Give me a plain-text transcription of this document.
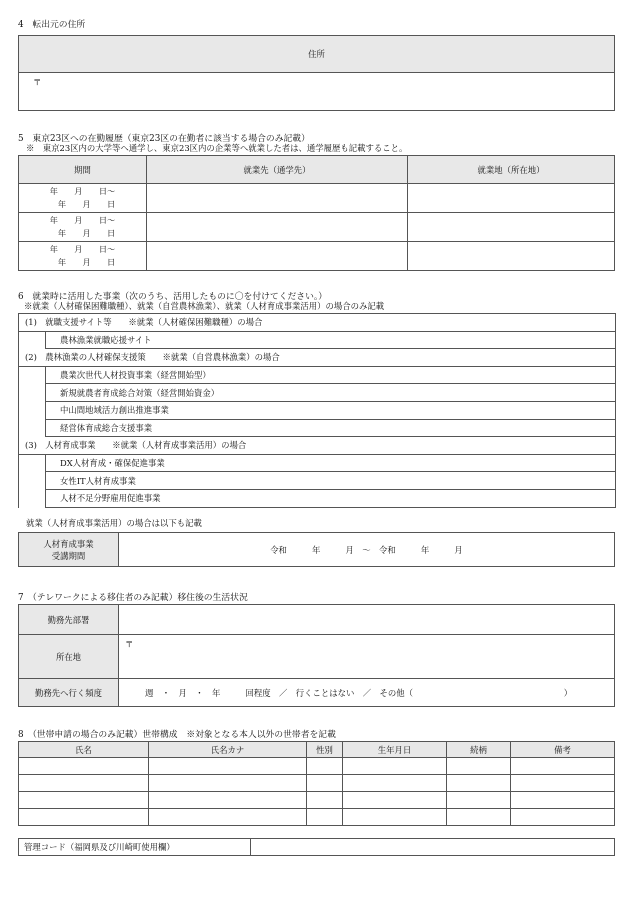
4　転出元の住所
住所
〒
5　東京23区への在勤履歴（東京23区の在勤者に該当する場合のみ記載）
※　東京23区内の大学等へ通学し、東京23区内の企業等へ就業した者は、通学履歴も記載すること。
期間	就業先（通学先）	就業地（所在地）
年　　月　　日～
　年　　月　　日		
年　　月　　日～
　年　　月　　日		
年　　月　　日～
　年　　月　　日		
6　就業時に活用した事業（次のうち、活用したものに〇を付けてください。）
※就業（人材確保困難職種）、就業（自営農林漁業）、就業（人材育成事業活用）の場合のみ記載
(1)　就職支援サイト等　　※就業（人材確保困難職種）の場合
農林漁業就職応援サイト
(2)　農林漁業の人材確保支援策　　※就業（自営農林漁業）の場合
農業次世代人材投資事業（経営開始型）
新規就農者育成総合対策（経営開始資金）
中山間地域活力創出推進事業
経営体育成総合支援事業
(3)　人材育成事業　　※就業（人材育成事業活用）の場合
DX人材育成・確保促進事業
女性IT人材育成事業
人材不足分野雇用促進事業
就業（人材育成事業活用）の場合は以下も記載
人材育成事業
受講期間	令和　　　年　　　月　～　令和　　　年　　　月
7　（テレワークによる移住者のみ記載）移住後の生活状況
勤務先部署	
所在地	〒
勤務先へ行く頻度	週　・　月　・　年　　　回程度　／　行くことはない　／　その他（　　　　　　　　　　　　　　　　　　）
8　（世帯申請の場合のみ記載）世帯構成　※対象となる本人以外の世帯者を記載
氏名	氏名カナ	性別	生年月日	続柄	備考

管理コード（福岡県及び川崎町使用欄）	
